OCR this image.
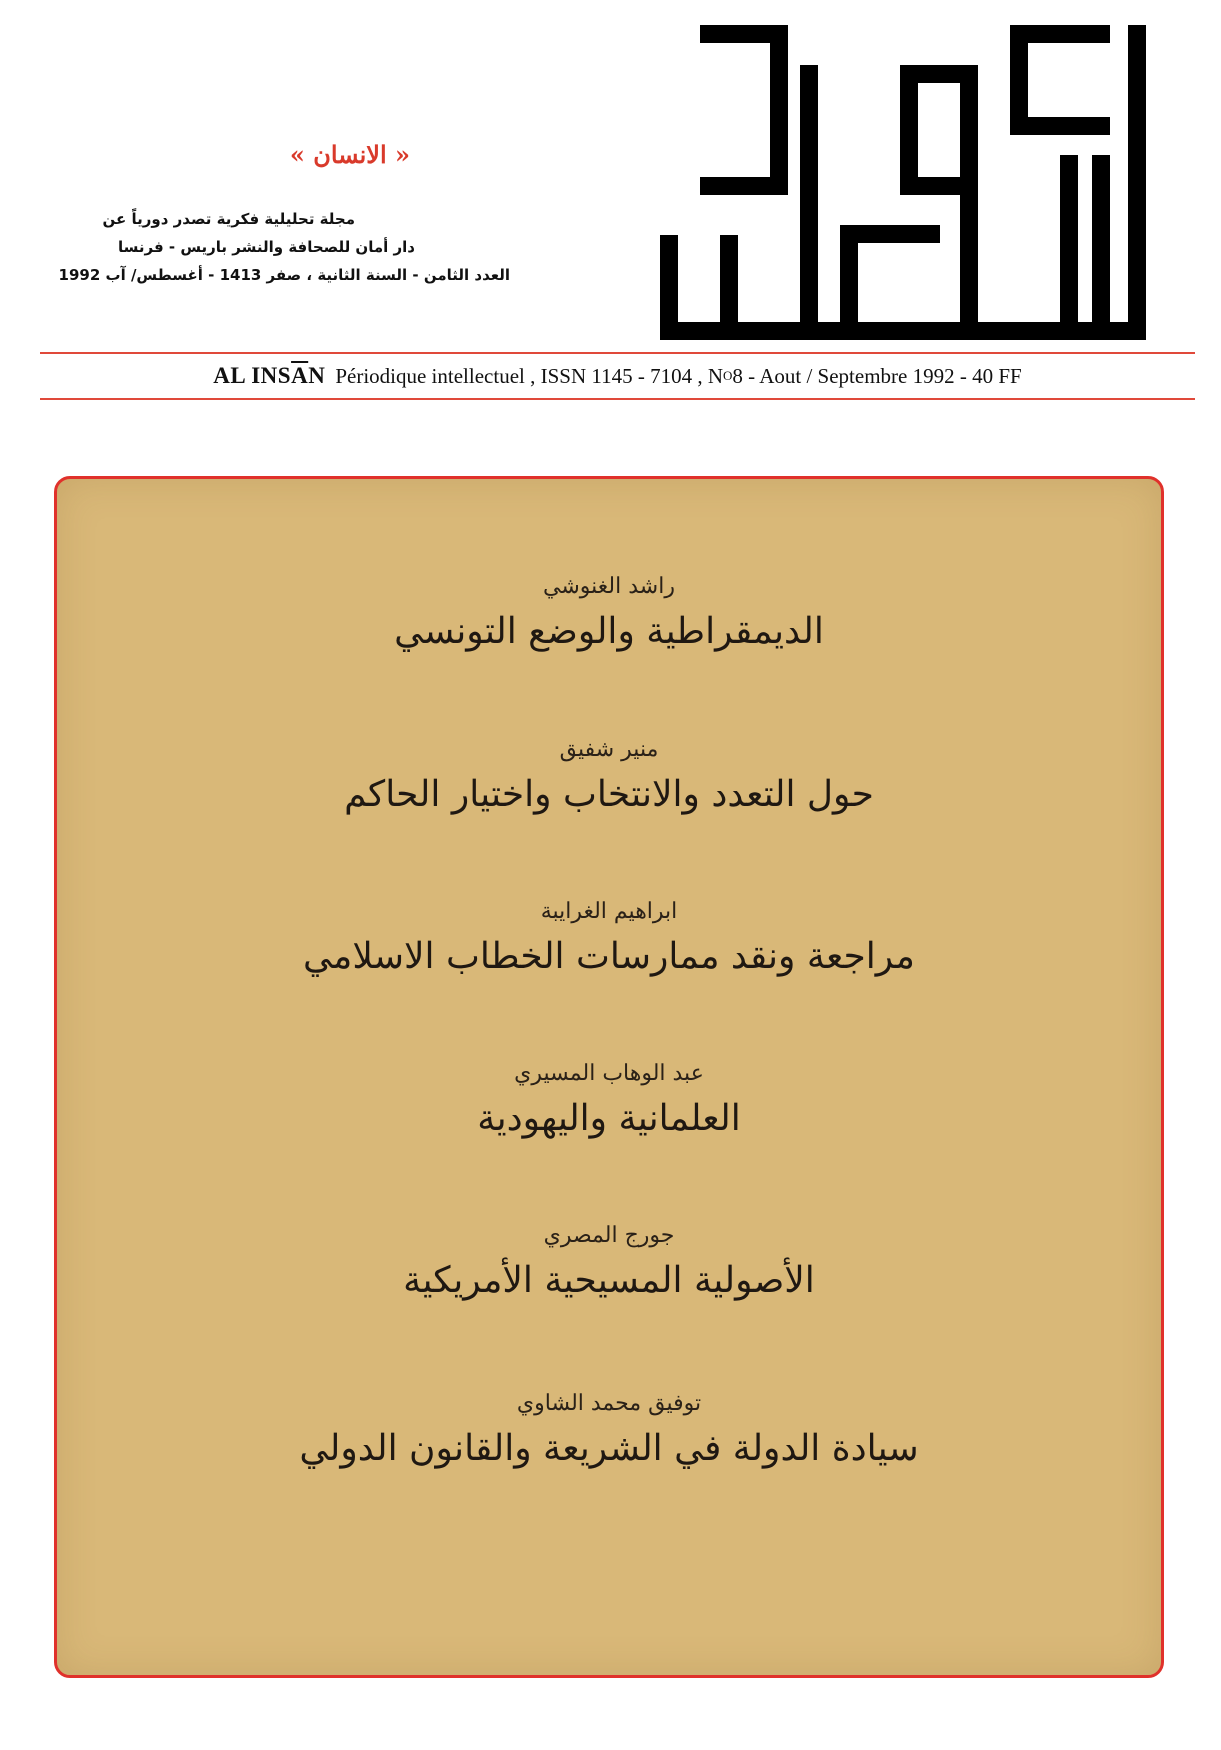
« الانسان »
مجلة تحليلية فكرية تصدر دورياً عن
دار أمان للصحافة والنشر باريس - فرنسا
العدد الثامن - السنة الثانية ، صفر 1413 - أغسطس/ آب 1992
AL $INS\overline{A}N$ Périodique intellectuel , ISSN 1145 - 7104 , N O 8 - Aout / Septembre 1992 - 40 FF
راشد الغنوشي
الديمقراطية والوضع التونسي
منير شفيق
حول التعدد والانتخاب واختيار الحاكم
ابراهيم الغرايبة
مراجعة ونقد ممارسات الخطاب الاسلامي
عبد الوهاب المسيري
العلمانية واليهودية
جورج المصري
الأصولية المسيحية الأمريكية
توفيق محمد الشاوي
سيادة الدولة في الشريعة والقانون الدولي
